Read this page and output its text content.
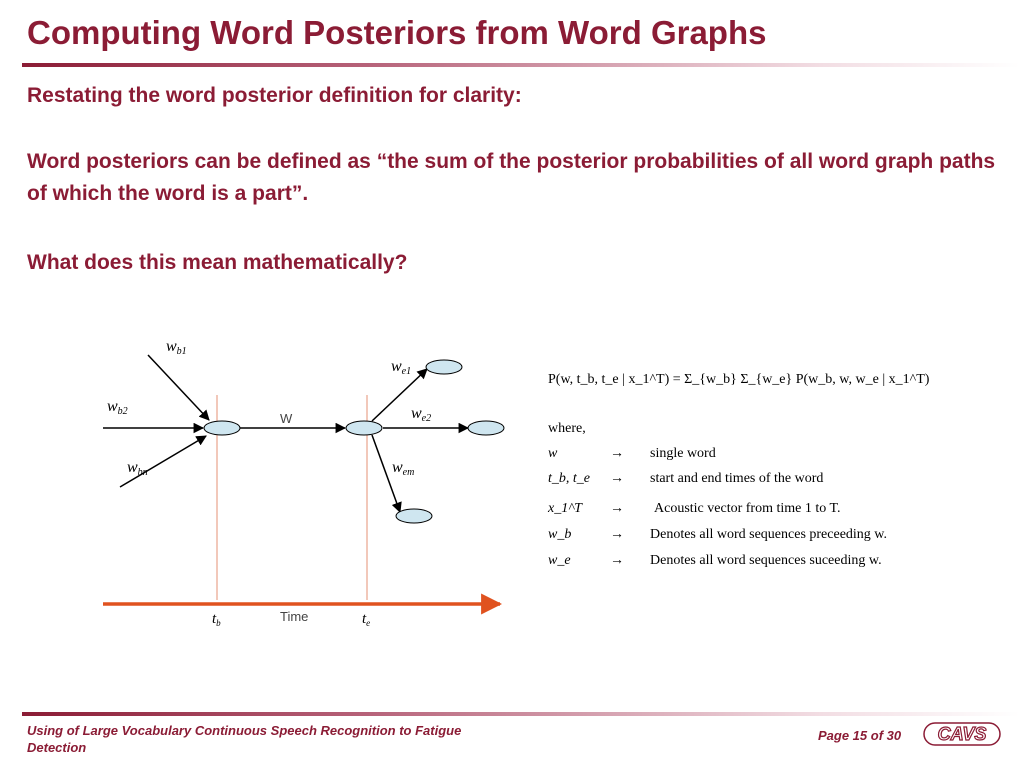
Computing Word Posteriors from Word Graphs
Restating the word posterior definition for clarity:
Word posteriors can be defined as “the sum of the posterior probabilities of all word graph paths of which the word is a part”.
What does this mean mathematically?
wb1
wb2
wbn
we1
we2
wem
W
$t_b$	$t_e$
Time
P(w, t_b, t_e | x_1^T) = Σ_{w_b} Σ_{w_e} P(w_b, w, w_e | x_1^T)
where,
w	→ single word
t_b, t_e → start and end times of the word
x_1^T → Acoustic vector from time 1 to T.
w_b	→ Denotes all word sequences preceeding w.
w_e	→ Denotes all word sequences suceeding w.
Using of Large Vocabulary Continuous Speech Recognition to Fatigue Detection
Page 15 of 30 CAVS
